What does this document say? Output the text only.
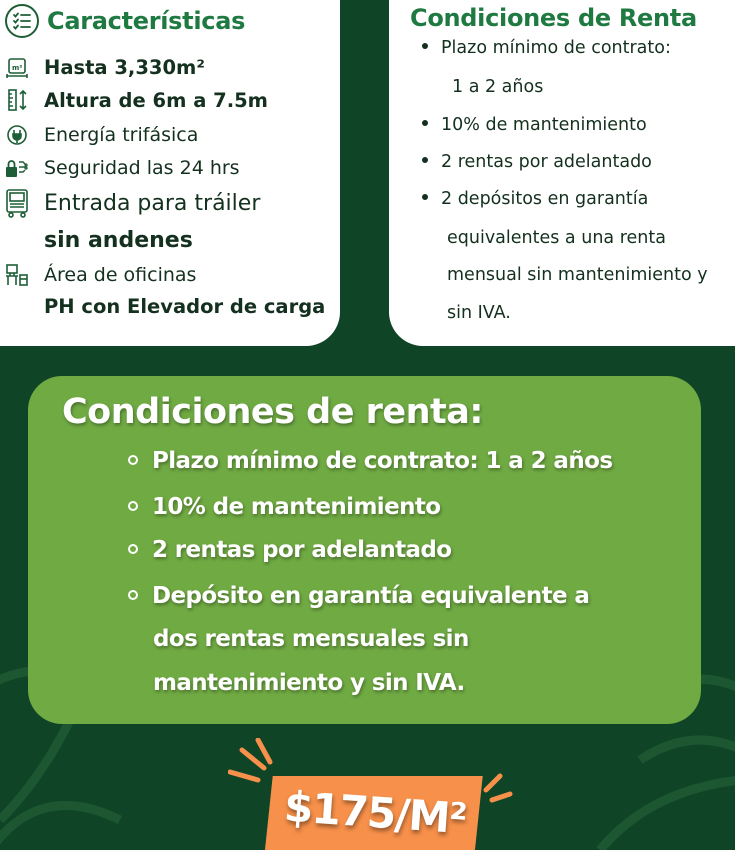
Características
m² Hasta 3,330m²
Altura de 6m a 7.5m
Energía trifásica
Seguridad las 24 hrs
Entrada para tráiler
sin andenes
Área de oficinas
PH con Elevador de carga
Condiciones de Renta
Plazo mínimo de contrato:
1 a 2 años
10% de mantenimiento
2 rentas por adelantado
2 depósitos en garantía
equivalentes a una renta
mensual sin mantenimiento y
sin IVA.
Condiciones de renta:
Plazo mínimo de contrato: 1 a 2 años
10% de mantenimiento
2 rentas por adelantado
Depósito en garantía equivalente a
dos rentas mensuales sin
mantenimiento y sin IVA.
$175/M²
